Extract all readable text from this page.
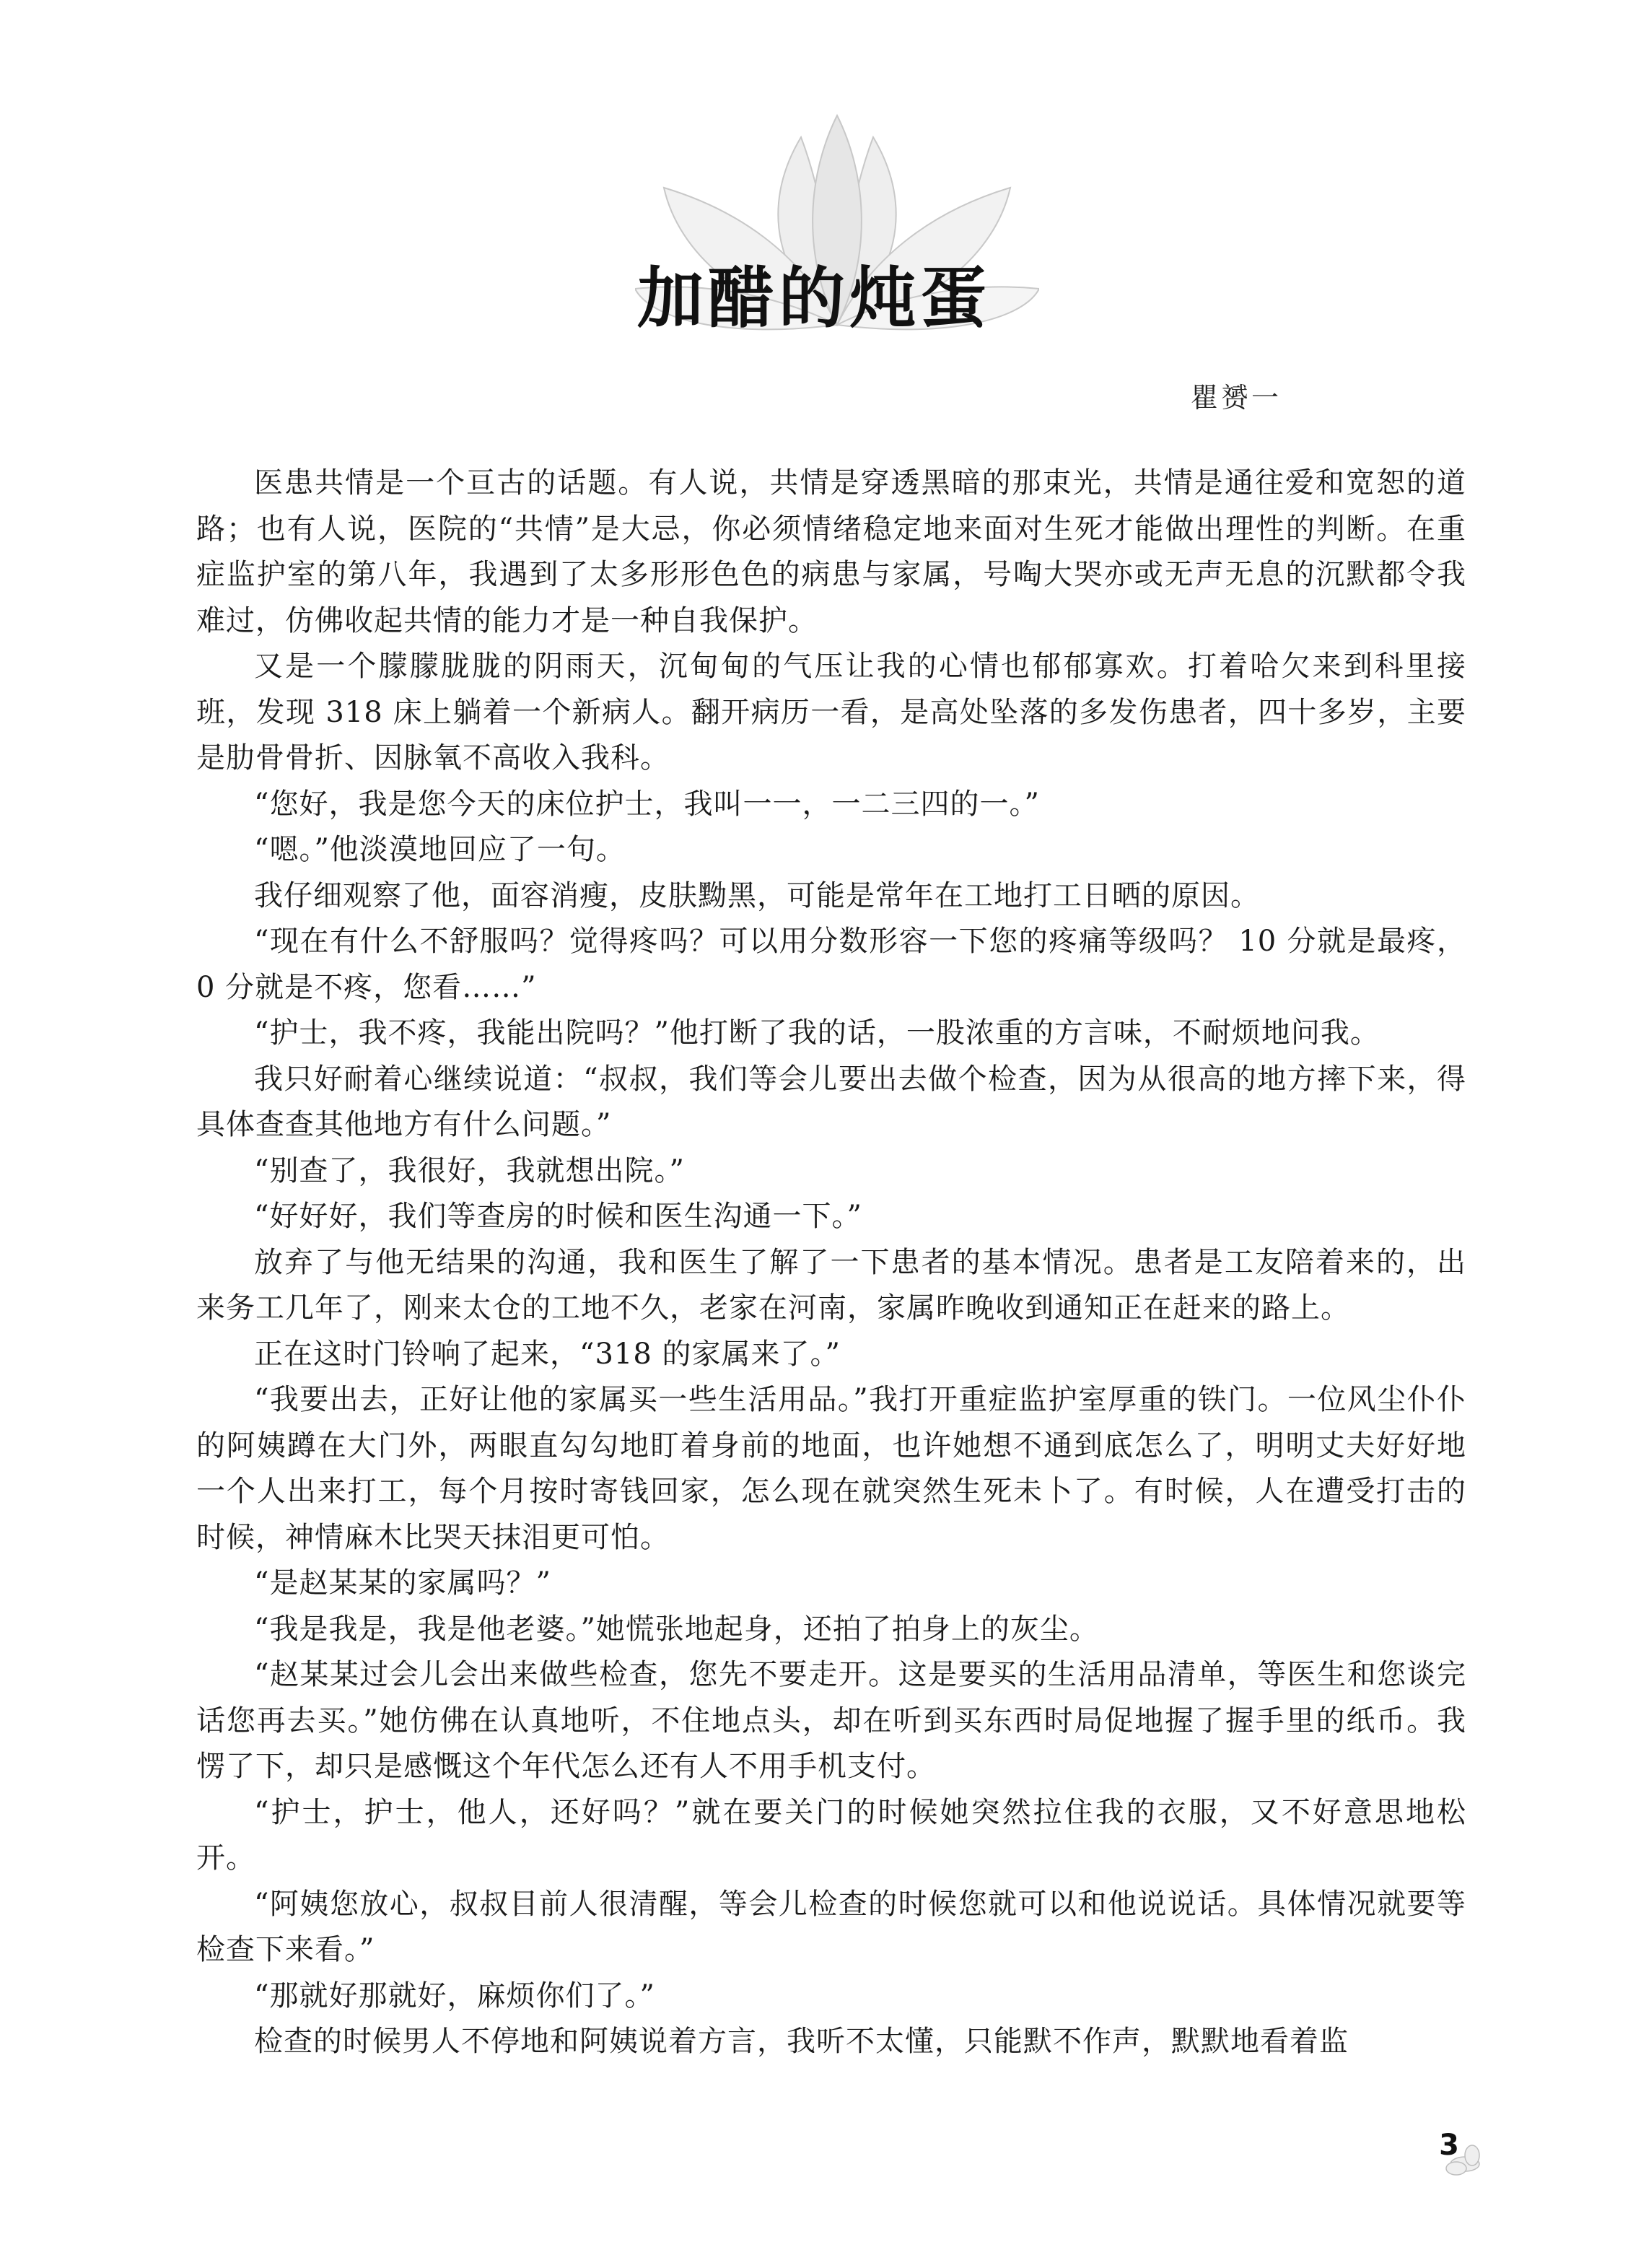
加醋的炖蛋
瞿赟一

医患共情是一个亘古的话题。有人说，共情是穿透黑暗的那束光，共情是通往爱和宽恕的道路；也有人说，医院的“共情”是大忌，你必须情绪稳定地来面对生死才能做出理性的判断。在重症监护室的第八年，我遇到了太多形形色色的病患与家属，号啕大哭亦或无声无息的沉默都令我难过，仿佛收起共情的能力才是一种自我保护。

又是一个朦朦胧胧的阴雨天，沉甸甸的气压让我的心情也郁郁寡欢。打着哈欠来到科里接班，发现 318 床上躺着一个新病人。翻开病历一看，是高处坠落的多发伤患者，四十多岁，主要是肋骨骨折、因脉氧不高收入我科。

“您好，我是您今天的床位护士，我叫一一，一二三四的一。”

“嗯。”他淡漠地回应了一句。

我仔细观察了他，面容消瘦，皮肤黝黑，可能是常年在工地打工日晒的原因。

“现在有什么不舒服吗？觉得疼吗？可以用分数形容一下您的疼痛等级吗？ 10 分就是最疼，0 分就是不疼，您看……”

“护士，我不疼，我能出院吗？”他打断了我的话，一股浓重的方言味，不耐烦地问我。

我只好耐着心继续说道：“叔叔，我们等会儿要出去做个检查，因为从很高的地方摔下来，得具体查查其他地方有什么问题。”

“别查了，我很好，我就想出院。”

“好好好，我们等查房的时候和医生沟通一下。”

放弃了与他无结果的沟通，我和医生了解了一下患者的基本情况。患者是工友陪着来的，出来务工几年了，刚来太仓的工地不久，老家在河南，家属昨晚收到通知正在赶来的路上。

正在这时门铃响了起来，“318 的家属来了。”

“我要出去，正好让他的家属买一些生活用品。”我打开重症监护室厚重的铁门。一位风尘仆仆的阿姨蹲在大门外，两眼直勾勾地盯着身前的地面，也许她想不通到底怎么了，明明丈夫好好地一个人出来打工，每个月按时寄钱回家，怎么现在就突然生死未卜了。有时候，人在遭受打击的时候，神情麻木比哭天抹泪更可怕。

“是赵某某的家属吗？”

“我是我是，我是他老婆。”她慌张地起身，还拍了拍身上的灰尘。

“赵某某过会儿会出来做些检查，您先不要走开。这是要买的生活用品清单，等医生和您谈完话您再去买。”她仿佛在认真地听，不住地点头，却在听到买东西时局促地握了握手里的纸币。我愣了下，却只是感慨这个年代怎么还有人不用手机支付。

“护士，护士，他人，还好吗？”就在要关门的时候她突然拉住我的衣服，又不好意思地松开。

“阿姨您放心，叔叔目前人很清醒，等会儿检查的时候您就可以和他说说话。具体情况就要等检查下来看。”

“那就好那就好，麻烦你们了。”

检查的时候男人不停地和阿姨说着方言，我听不太懂，只能默不作声，默默地看着监

3
